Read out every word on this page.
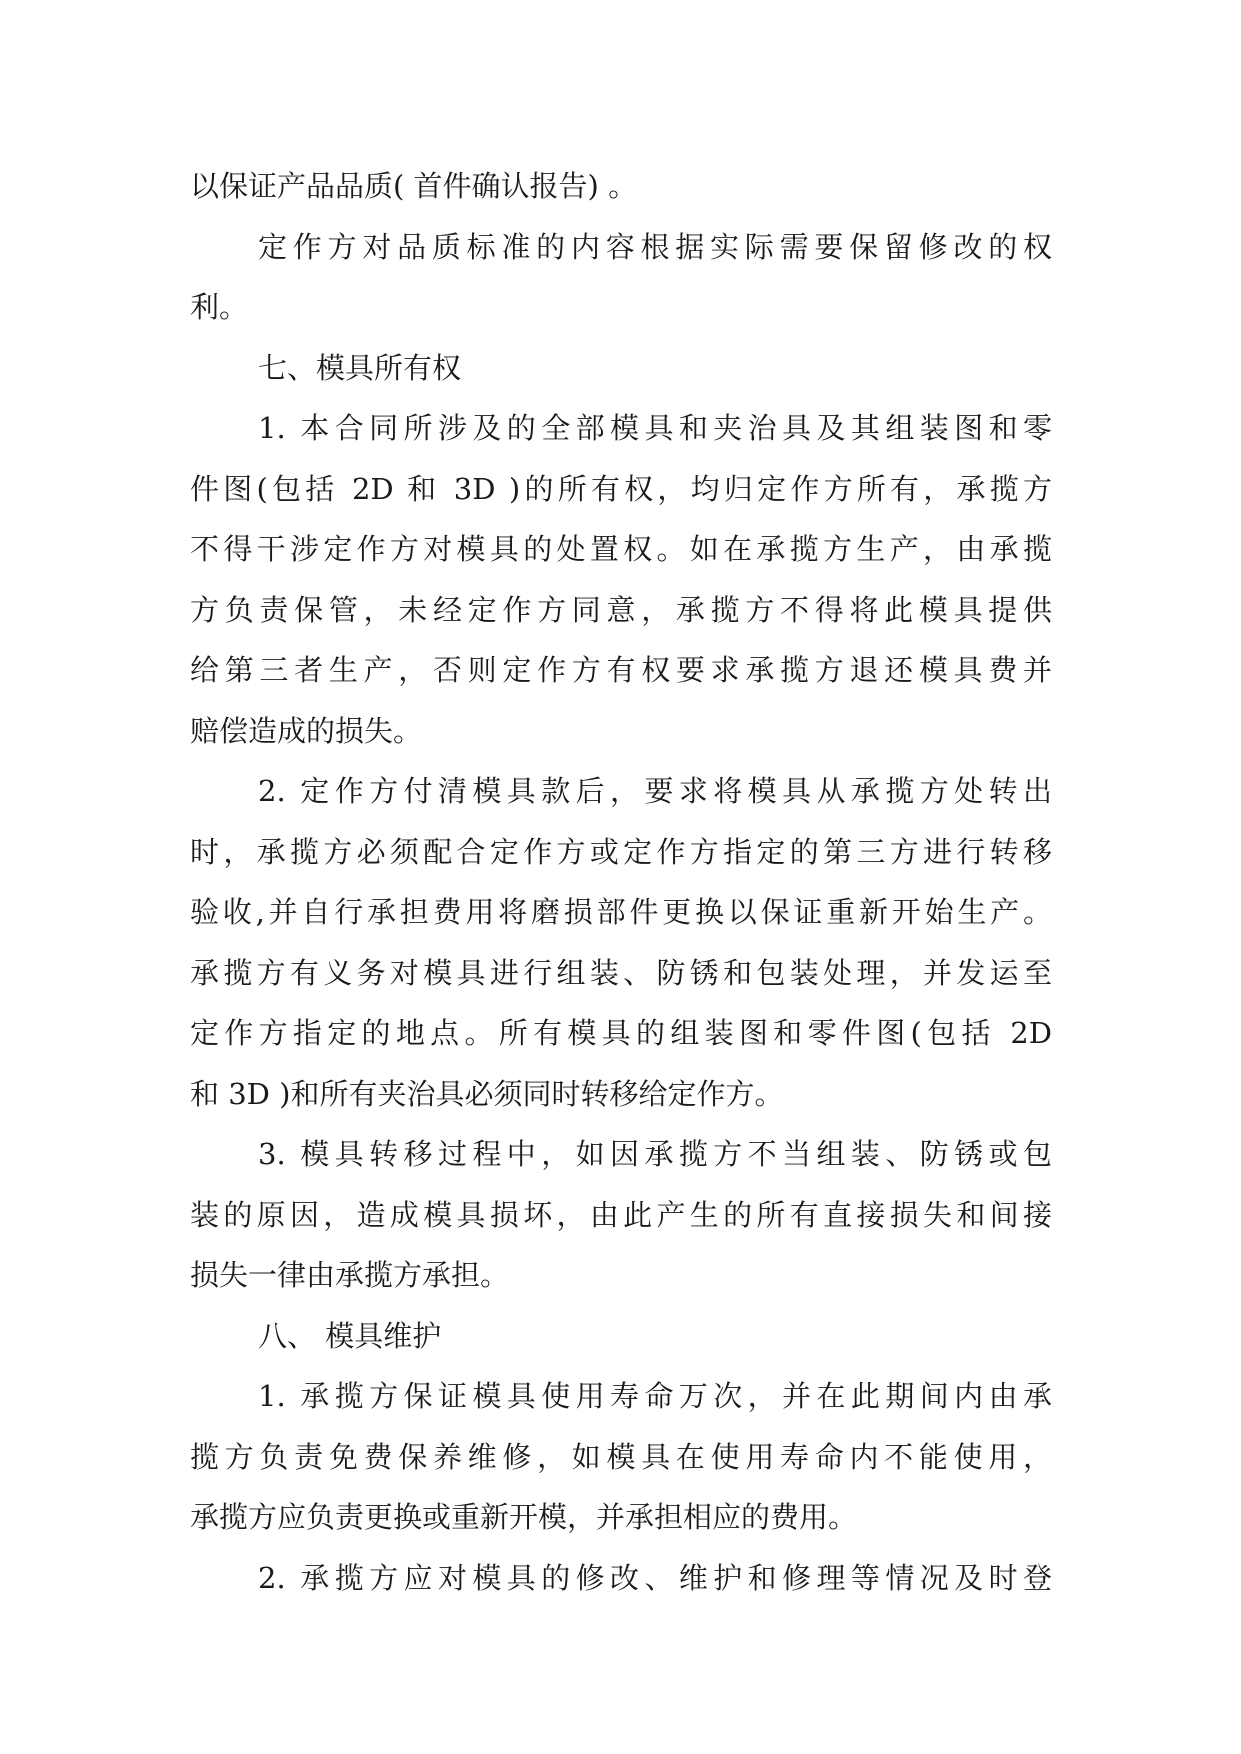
以保证产品品质( 首件确认报告) 。
定作方对品质标准的内容根据实际需要保留修改的权
利。
七、模具所有权
1. 本合同所涉及的全部模具和夹治具及其组装图和零
件图(包括 2D 和 3D )的所有权，均归定作方所有，承揽方
不得干涉定作方对模具的处置权。如在承揽方生产，由承揽
方负责保管，未经定作方同意，承揽方不得将此模具提供
给第三者生产，否则定作方有权要求承揽方退还模具费并
赔偿造成的损失。
2. 定作方付清模具款后，要求将模具从承揽方处转出
时，承揽方必须配合定作方或定作方指定的第三方进行转移
验收,并自行承担费用将磨损部件更换以保证重新开始生产。
承揽方有义务对模具进行组装、防锈和包装处理，并发运至
定作方指定的地点。所有模具的组装图和零件图(包括 2D
和 3D )和所有夹治具必须同时转移给定作方。
3. 模具转移过程中，如因承揽方不当组装、防锈或包
装的原因，造成模具损坏，由此产生的所有直接损失和间接
损失一律由承揽方承担。
八、 模具维护
1. 承揽方保证模具使用寿命万次，并在此期间内由承
揽方负责免费保养维修，如模具在使用寿命内不能使用，
承揽方应负责更换或重新开模，并承担相应的费用。
2. 承揽方应对模具的修改、维护和修理等情况及时登
